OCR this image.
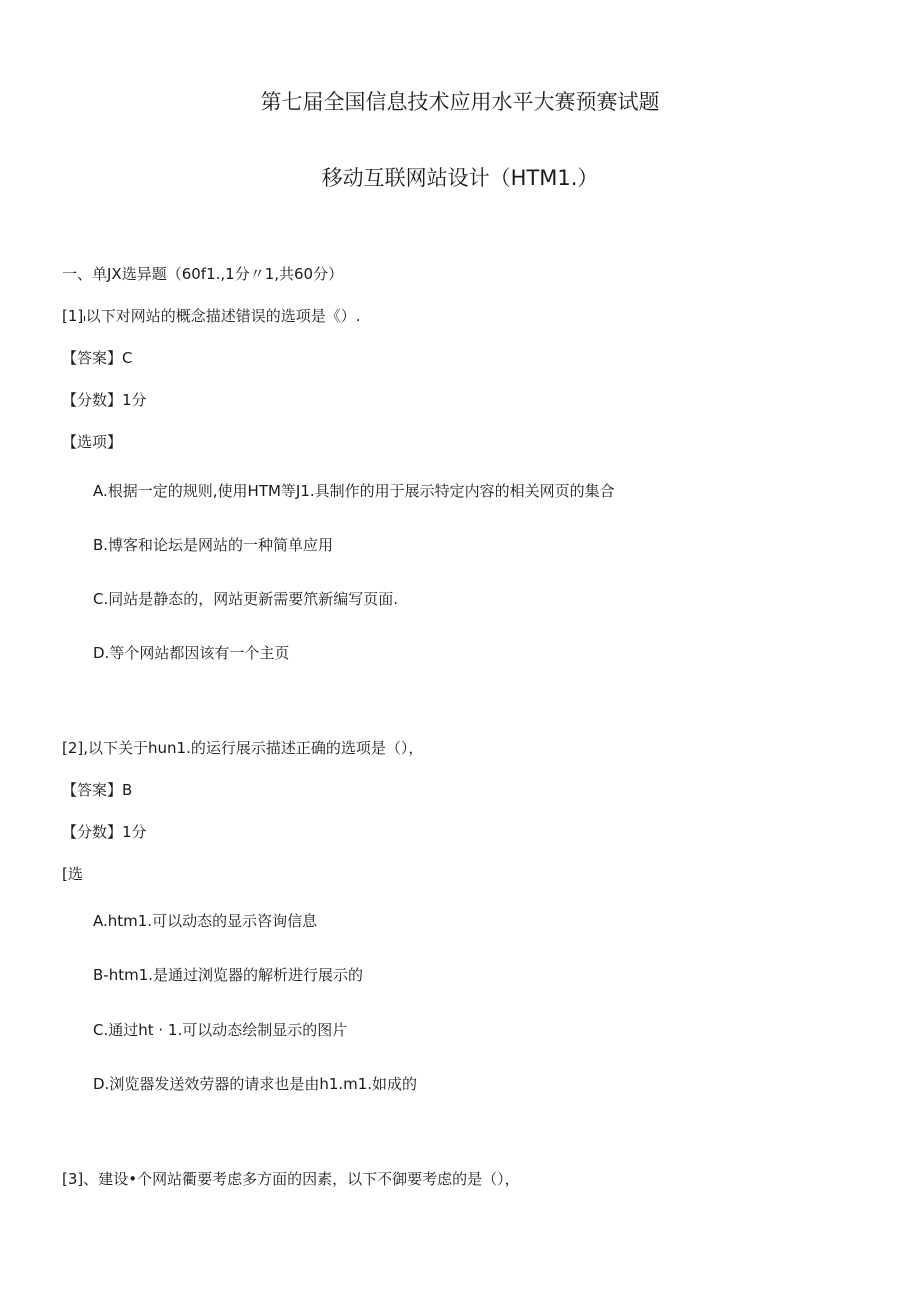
第七届全国信息技术应用水平大赛预赛试题
移动互联网站设计（HTM1.）
一、单JX选异题（60f1.,1分〃1,共60分）
[1]៲以下对网站的概念描述错误的选项是《）.
【答案】C
【分数】1分
【选项】
A.根据一定的规则,使用HTM等J1.具制作的用于展示特定内容的相关网页的集合
B.博客和论坛是网站的一种简单应用
C.同站是静态的，网站更新需要笊新编写页面.
D.等个网站都因该有一个主页
[2],以下关于hun1.的运行展示描述正确的选项是（），
【答案】B
【分数】1分
[选
A.htm1.可以动态的显示咨询信息
B-htm1.是通过浏览器的解析进行展示的
C.通过ht · 1.可以动态绘制显示的图片
D.浏览器发送效劳器的请求也是由h1.m1.如成的
[3]、建设•个网站衢要考虑多方面的因素，以下不御要考虑的是（），
